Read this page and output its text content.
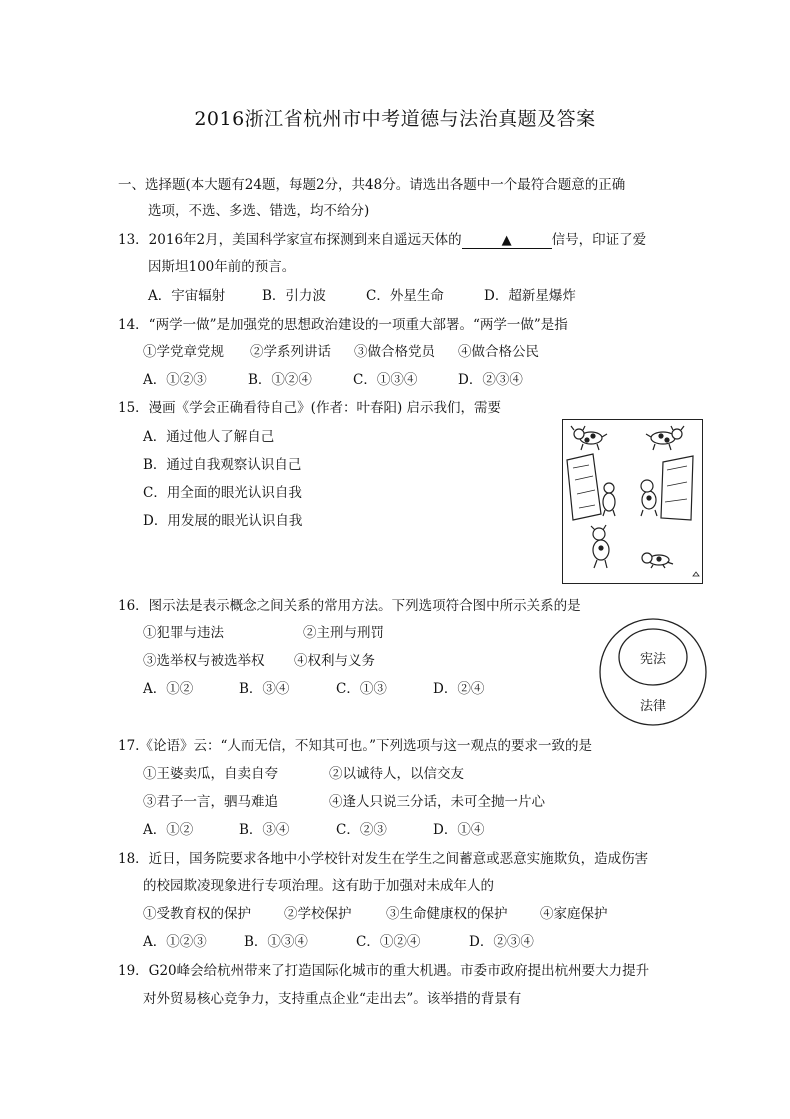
2016浙江省杭州市中考道德与法治真题及答案
一、选择题(本大题有24题，每题2分，共48分。请选出各题中一个最符合题意的正确
选项，不选、多选、错选，均不给分)
13．2016年2月，美国科学家宣布探测到来自遥远天体的	▲	信号，印证了爱
因斯坦100年前的预言。
A．宇宙辐射	B．引力波	C．外星生命	D．超新星爆炸
14．“两学一做”是加强党的思想政治建设的一项重大部署。“两学一做”是指
①学党章党规 ②学系列讲话 ③做合格党员 ④做合格公民
A．①②③	B．①②④	C．①③④	D．②③④
15．漫画《学会正确看待自己》(作者：叶春阳) 启示我们，需要
A．通过他人了解自己
B．通过自我观察认识自己
C．用全面的眼光认识自我
D．用发展的眼光认识自我
16．图示法是表示概念之间关系的常用方法。下列选项符合图中所示关系的是
①犯罪与违法	②主刑与刑罚
③选举权与被选举权 ④权利与义务
A．①②	B．③④	C．①③	D．②④
宪法
法律
17.《论语》云：“人而无信，不知其可也。”下列选项与这一观点的要求一致的是
①王婆卖瓜，自卖自夸	②以诚待人，以信交友
③君子一言，驷马难追	④逢人只说三分话，未可全抛一片心
A．①②	B．③④	C．②③	D．①④
18．近日，国务院要求各地中小学校针对发生在学生之间蓄意或恶意实施欺负，造成伤害
的校园欺凌现象进行专项治理。这有助于加强对未成年人的
①受教育权的保护 ②学校保护	③生命健康权的保护 ④家庭保护
A．①②③	B．①③④	C．①②④	D．②③④
19．G20峰会给杭州带来了打造国际化城市的重大机遇。市委市政府提出杭州要大力提升
对外贸易核心竞争力，支持重点企业“走出去”。该举措的背景有
